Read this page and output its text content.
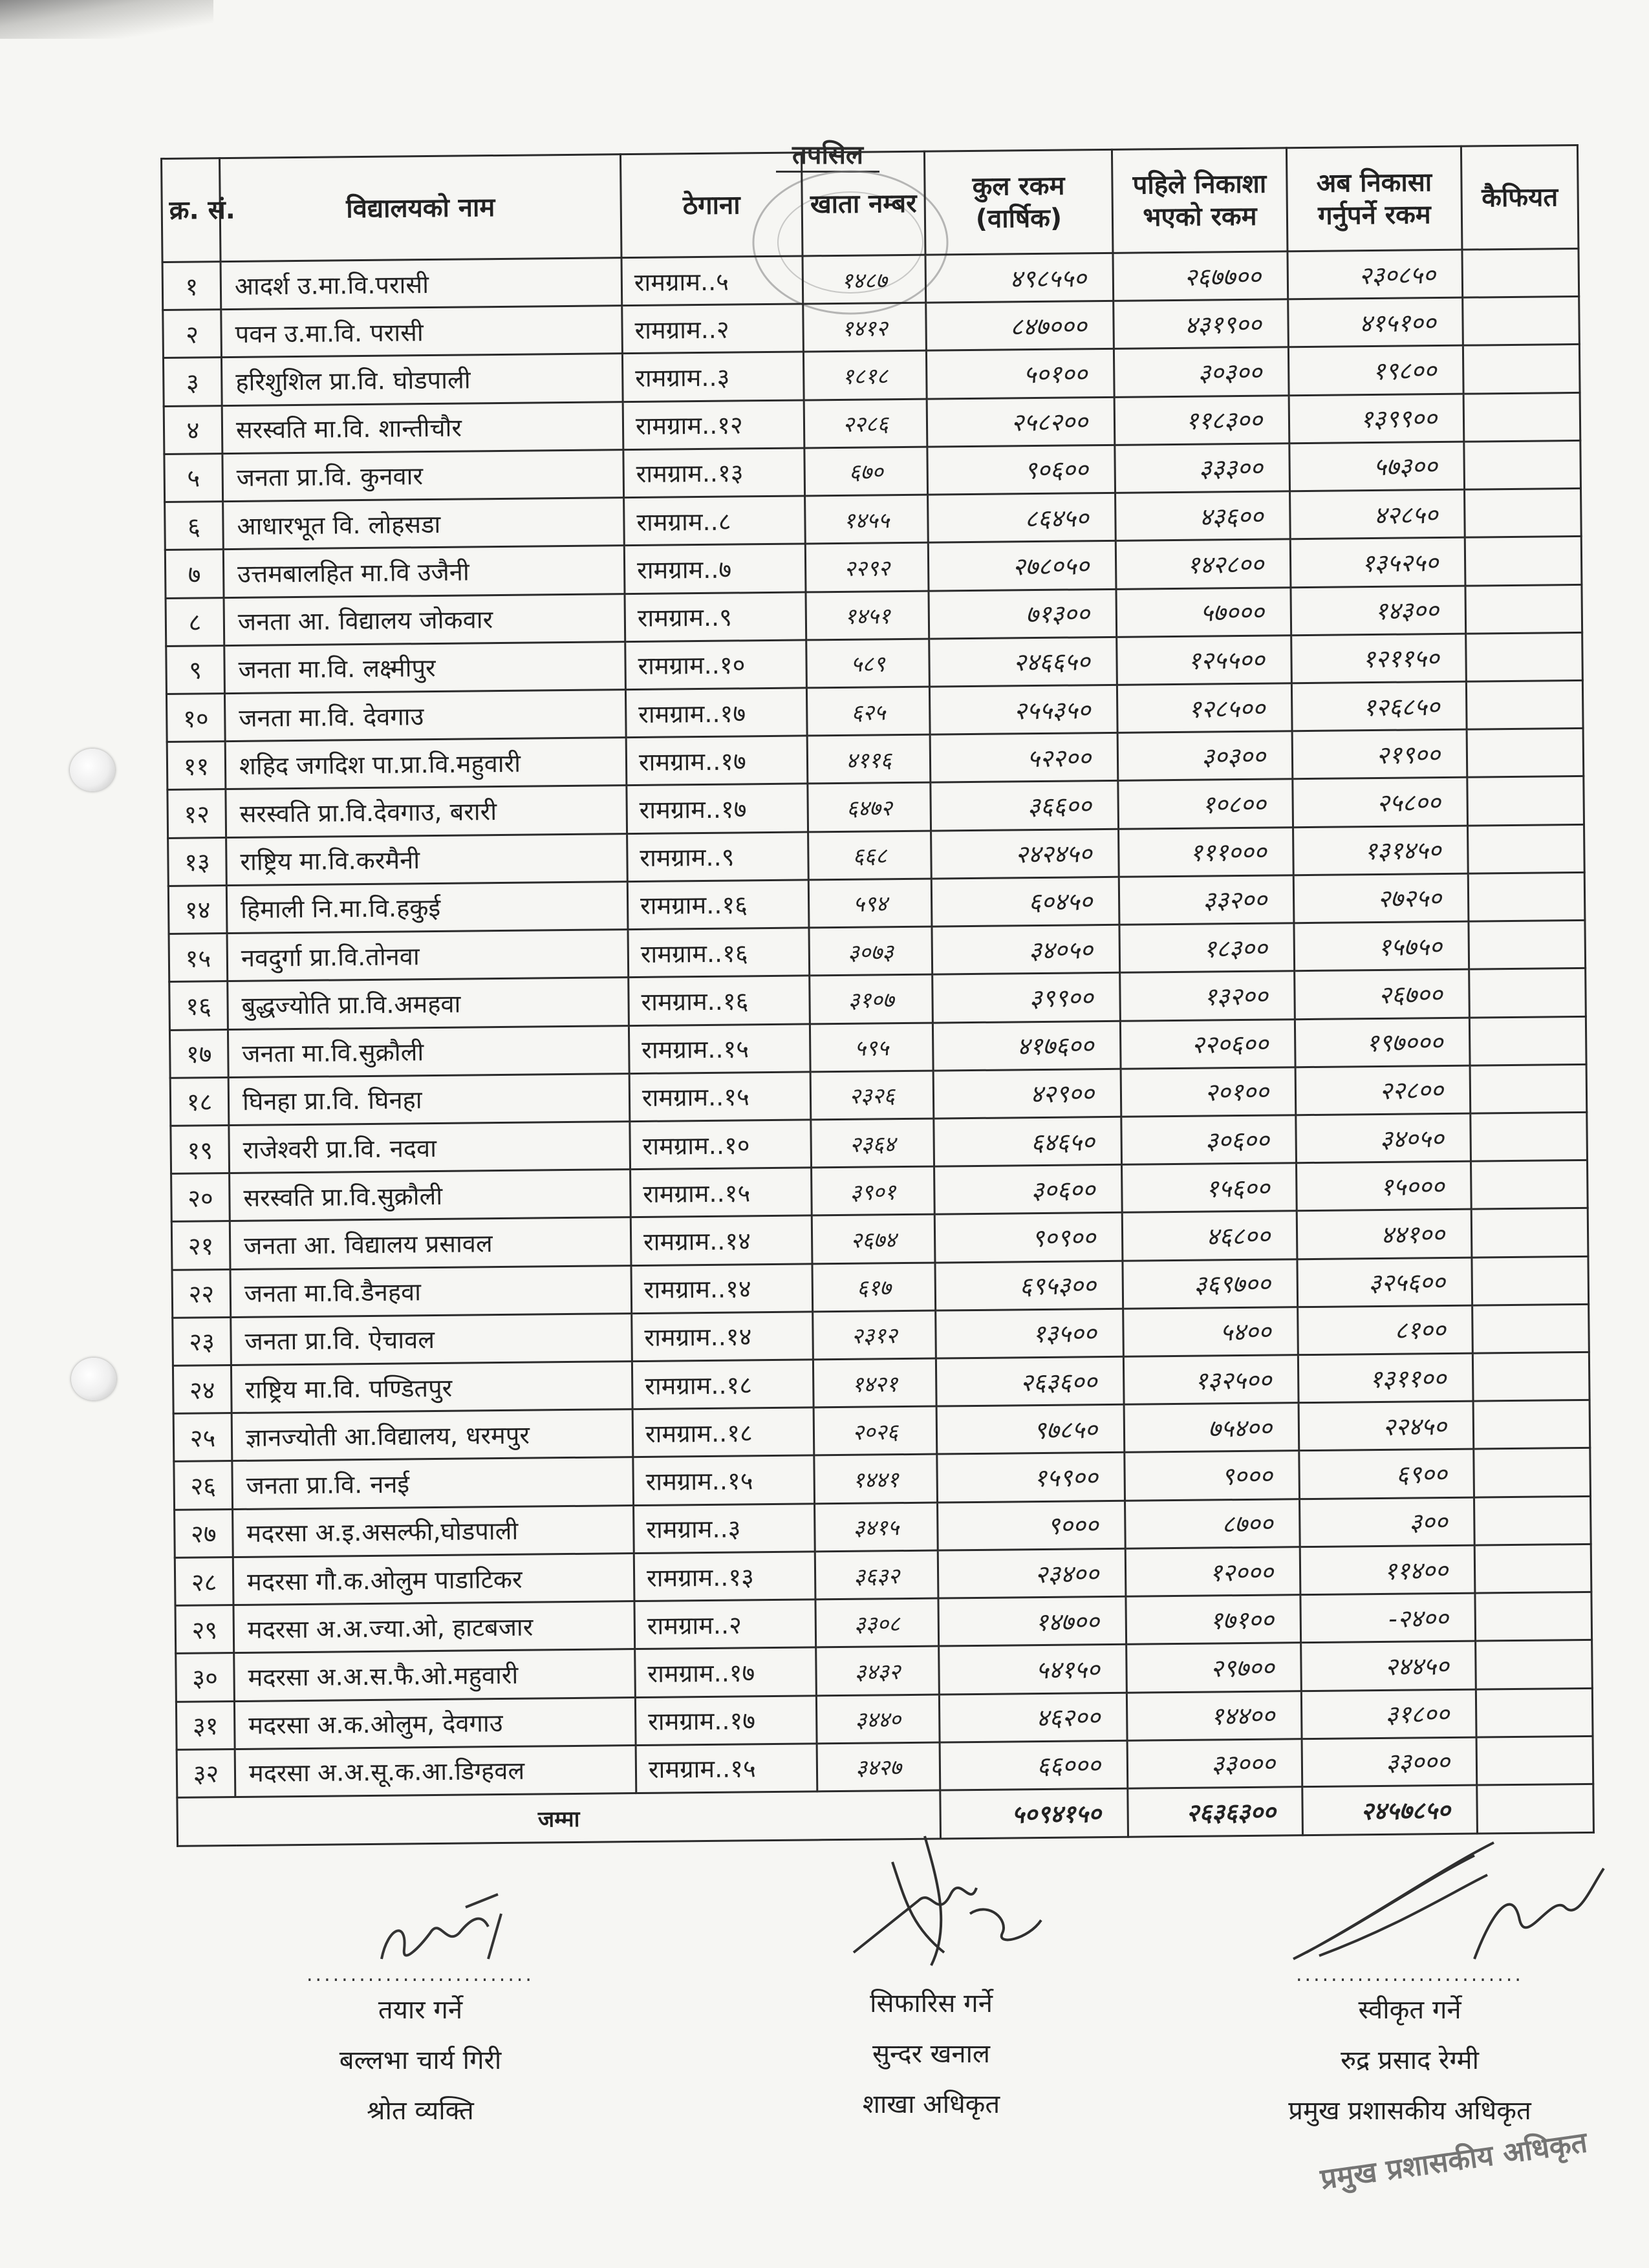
तपसिल
क्र. सं.	विद्यालयको नाम	ठेगाना	खाता नम्बर	कुल रकम (वार्षिक)	पहिले निकाशा भएको रकम	अब निकासा गर्नुपर्ने रकम	कैफियत
१	आदर्श उ.मा.वि.परासी	रामग्राम..५	१४८७	४९८५५०	२६७७००	२३०८५०	
२	पवन उ.मा.वि. परासी	रामग्राम..२	१४१२	८४७०००	४३१९००	४१५१००	
३	हरिशुशिल प्रा.वि. घोडपाली	रामग्राम..३	१८१८	५०१००	३०३००	१९८००	
४	सरस्वति मा.वि. शान्तीचौर	रामग्राम..१२	२२८६	२५८२००	११८३००	१३९९००	
५	जनता प्रा.वि. कुनवार	रामग्राम..१३	६७०	९०६००	३३३००	५७३००	
६	आधारभूत वि. लोहसडा	रामग्राम..८	१४५५	८६४५०	४३६००	४२८५०	
७	उत्तमबालहित मा.वि उजैनी	रामग्राम..७	२२९२	२७८०५०	१४२८००	१३५२५०	
८	जनता आ. विद्यालय जोकवार	रामग्राम..९	१४५१	७१३००	५७०००	१४३००	
९	जनता मा.वि. लक्ष्मीपुर	रामग्राम..१०	५८९	२४६६५०	१२५५००	१२११५०	
१०	जनता मा.वि. देवगाउ	रामग्राम..१७	६२५	२५५३५०	१२८५००	१२६८५०	
११	शहिद जगदिश पा.प्रा.वि.महुवारी	रामग्राम..१७	४११६	५२२००	३०३००	२१९००	
१२	सरस्वति प्रा.वि.देवगाउ, बरारी	रामग्राम..१७	६४७२	३६६००	१०८००	२५८००	
१३	राष्ट्रिय मा.वि.करमैनी	रामग्राम..९	६६८	२४२४५०	१११०००	१३१४५०	
१४	हिमाली नि.मा.वि.हकुई	रामग्राम..१६	५९४	६०४५०	३३२००	२७२५०	
१५	नवदुर्गा प्रा.वि.तोनवा	रामग्राम..१६	३०७३	३४०५०	१८३००	१५७५०	
१६	बुद्धज्योति प्रा.वि.अमहवा	रामग्राम..१६	३१०७	३९९००	१३२००	२६७००	
१७	जनता मा.वि.सुक्रौली	रामग्राम..१५	५९५	४१७६००	२२०६००	१९७०००	
१८	घिनहा प्रा.वि. घिनहा	रामग्राम..१५	२३२६	४२९००	२०१००	२२८००	
१९	राजेश्वरी प्रा.वि. नदवा	रामग्राम..१०	२३६४	६४६५०	३०६००	३४०५०	
२०	सरस्वति प्रा.वि.सुक्रौली	रामग्राम..१५	३९०१	३०६००	१५६००	१५०००	
२१	जनता आ. विद्यालय प्रसावल	रामग्राम..१४	२६७४	९०९००	४६८००	४४१००	
२२	जनता मा.वि.डैनहवा	रामग्राम..१४	६१७	६९५३००	३६९७००	३२५६००	
२३	जनता प्रा.वि. ऐचावल	रामग्राम..१४	२३१२	१३५००	५४००	८१००	
२४	राष्ट्रिय मा.वि. पण्डितपुर	रामग्राम..१८	१४२१	२६३६००	१३२५००	१३११००	
२५	ज्ञानज्योती आ.विद्यालय, धरमपुर	रामग्राम..१८	२०२६	९७८५०	७५४००	२२४५०	
२६	जनता प्रा.वि. ननई	रामग्राम..१५	१४४१	१५९००	९०००	६९००	
२७	मदरसा अ.इ.असल्फी,घोडपाली	रामग्राम..३	३४१५	९०००	८७००	३००	
२८	मदरसा गौ.क.ओलुम पाडाटिकर	रामग्राम..१३	३६३२	२३४००	१२०००	११४००	
२९	मदरसा अ.अ.ज्या.ओ, हाटबजार	रामग्राम..२	३३०८	१४७००	१७१००	-२४००	
३०	मदरसा अ.अ.स.फै.ओ.महुवारी	रामग्राम..१७	३४३२	५४१५०	२९७००	२४४५०	
३१	मदरसा अ.क.ओलुम, देवगाउ	रामग्राम..१७	३४४०	४६२००	१४४००	३१८००	
३२	मदरसा अ.अ.सू.क.आ.डिग्हवल	रामग्राम..१५	३४२७	६६०००	३३०००	३३०००	
जम्मा				५०९४१५०	२६३६३००	२४५७८५०	
..........................
तयार गर्ने
बल्लभा चार्य गिरी
श्रोत व्यक्ति
सिफारिस गर्ने
सुन्दर खनाल
शाखा अधिकृत
..........................
स्वीकृत गर्ने
रुद्र प्रसाद रेग्मी
प्रमुख प्रशासकीय अधिकृत
प्रमुख प्रशासकीय अधिकृत
